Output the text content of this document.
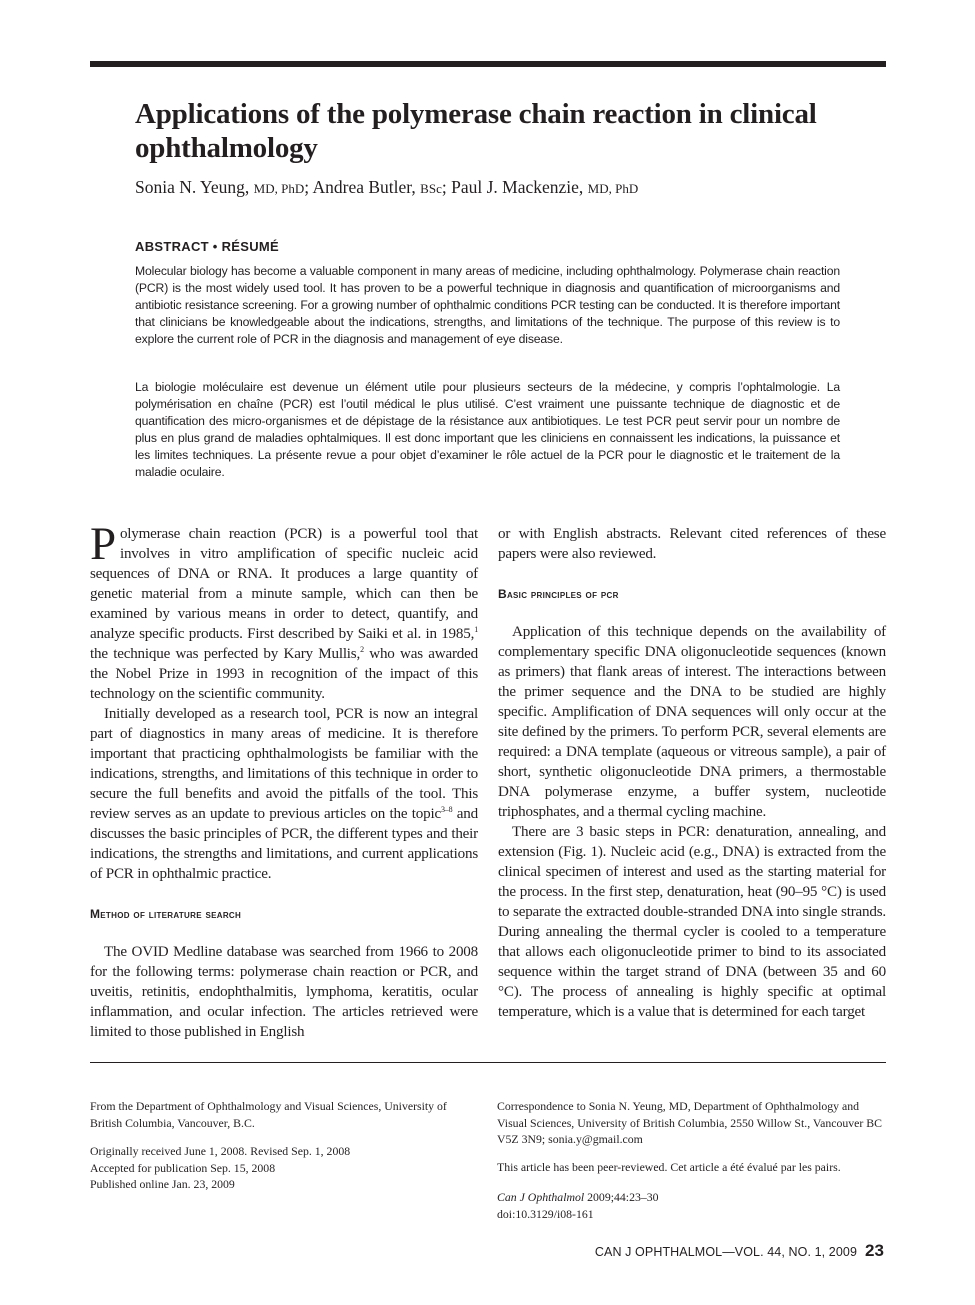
Applications of the polymerase chain reaction in clinical ophthalmology
Sonia N. Yeung, MD, PhD; Andrea Butler, BSc; Paul J. Mackenzie, MD, PhD
ABSTRACT • RÉSUMÉ

Molecular biology has become a valuable component in many areas of medicine, including ophthalmology. Polymerase chain reaction (PCR) is the most widely used tool. It has proven to be a powerful technique in diagnosis and quantification of microorganisms and antibiotic resistance screening. For a growing number of ophthalmic conditions PCR testing can be conducted. It is therefore important that clinicians be knowledgeable about the indications, strengths, and limitations of the technique. The purpose of this review is to explore the current role of PCR in the diagnosis and management of eye disease.

La biologie moléculaire est devenue un élément utile pour plusieurs secteurs de la médecine, y compris l’ophtalmologie. La polymérisation en chaîne (PCR) est l’outil médical le plus utilisé. C’est vraiment une puissante technique de diagnostic et de quantification des micro-organismes et de dépistage de la résistance aux antibiotiques. Le test PCR peut servir pour un nombre de plus en plus grand de maladies ophtalmiques. Il est donc important que les cliniciens en connaissent les indications, la puissance et les limites techniques. La présente revue a pour objet d’examiner le rôle actuel de la PCR pour le diagnostic et le traitement de la maladie oculaire.

Polymerase chain reaction (PCR) is a powerful tool that involves in vitro amplification of specific nucleic acid sequences of DNA or RNA. It produces a large quantity of genetic material from a minute sample, which can then be examined by various means in order to detect, quantify, and analyze specific products. First described by Saiki et al. in 1985,$^1$ the technique was perfected by Kary Mullis,$^2$ who was awarded the Nobel Prize in 1993 in recognition of the impact of this technology on the scientific community.

Initially developed as a research tool, PCR is now an integral part of diagnostics in many areas of medicine. It is therefore important that practicing ophthalmologists be familiar with the indications, strengths, and limitations of this technique in order to secure the full benefits and avoid the pitfalls of the tool. This review serves as an update to previous articles on the topic$^{3-8}$ and discusses the basic principles of PCR, the different types and their indications, the strengths and limitations, and current applications of PCR in ophthalmic practice.

Method of literature search

The OVID Medline database was searched from 1966 to 2008 for the following terms: polymerase chain reaction or PCR, and uveitis, retinitis, endophthalmitis, lymphoma, keratitis, ocular inflammation, and ocular infection. The articles retrieved were limited to those published in English

or with English abstracts. Relevant cited references of these papers were also reviewed.

Basic principles of pcr

Application of this technique depends on the availability of complementary specific DNA oligonucleotide sequences (known as primers) that flank areas of interest. The interactions between the primer sequence and the DNA to be studied are highly specific. Amplification of DNA sequences will only occur at the site defined by the primers. To perform PCR, several elements are required: a DNA template (aqueous or vitreous sample), a pair of short, synthetic oligonucleotide DNA primers, a thermostable DNA polymerase enzyme, a buffer system, nucleotide triphosphates, and a thermal cycling machine.

There are 3 basic steps in PCR: denaturation, annealing, and extension (Fig. 1). Nucleic acid (e.g., DNA) is extracted from the clinical specimen of interest and used as the starting material for the process. In the first step, denaturation, heat (90–95 °C) is used to separate the extracted double-stranded DNA into single strands. During annealing the thermal cycler is cooled to a temperature that allows each oligonucleotide primer to bind to its associated sequence within the target strand of DNA (between 35 and 60 °C). The process of annealing is highly specific at optimal temperature, which is a value that is determined for each target

From the Department of Ophthalmology and Visual Sciences, University of British Columbia, Vancouver, B.C.

Originally received June 1, 2008. Revised Sep. 1, 2008
Accepted for publication Sep. 15, 2008
Published online Jan. 23, 2009

Correspondence to Sonia N. Yeung, MD, Department of Ophthalmology and Visual Sciences, University of British Columbia, 2550 Willow St., Vancouver BC V5Z 3N9; sonia.y@gmail.com

This article has been peer-reviewed. Cet article a été évalué par les pairs.

Can J Ophthalmol 2009;44:23–30
doi:10.3129/i08-161

CAN J OPHTHALMOL—VOL. 44, NO. 1, 2009 23
